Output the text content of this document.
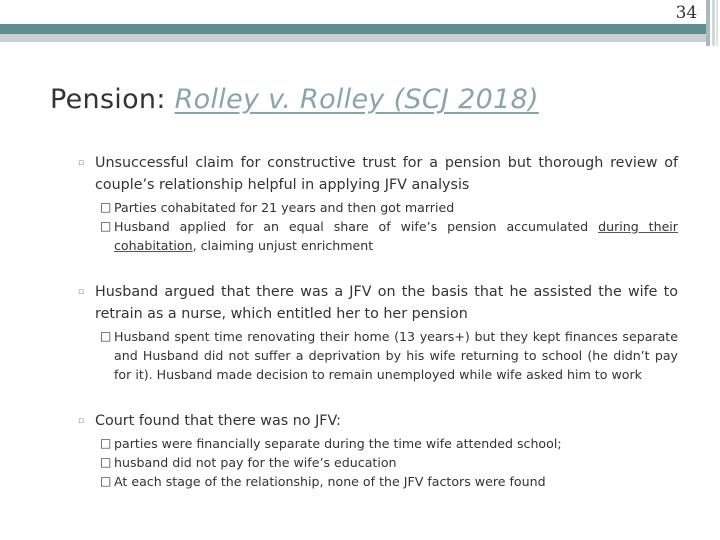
34
Pension: Rolley v. Rolley (SCJ 2018)
▫ Unsuccessful claim for constructive trust for a pension but thorough review of couple’s relationship helpful in applying JFV analysis
□ Parties cohabitated for 21 years and then got married
□ Husband applied for an equal share of wife’s pension accumulated during their cohabitation, claiming unjust enrichment
▫ Husband argued that there was a JFV on the basis that he assisted the wife to retrain as a nurse, which entitled her to her pension
□ Husband spent time renovating their home (13 years+) but they kept finances separate and Husband did not suffer a deprivation by his wife returning to school (he didn’t pay for it). Husband made decision to remain unemployed while wife asked him to work
▫ Court found that there was no JFV:
□ parties were financially separate during the time wife attended school;
□ husband did not pay for the wife’s education
□ At each stage of the relationship, none of the JFV factors were found
